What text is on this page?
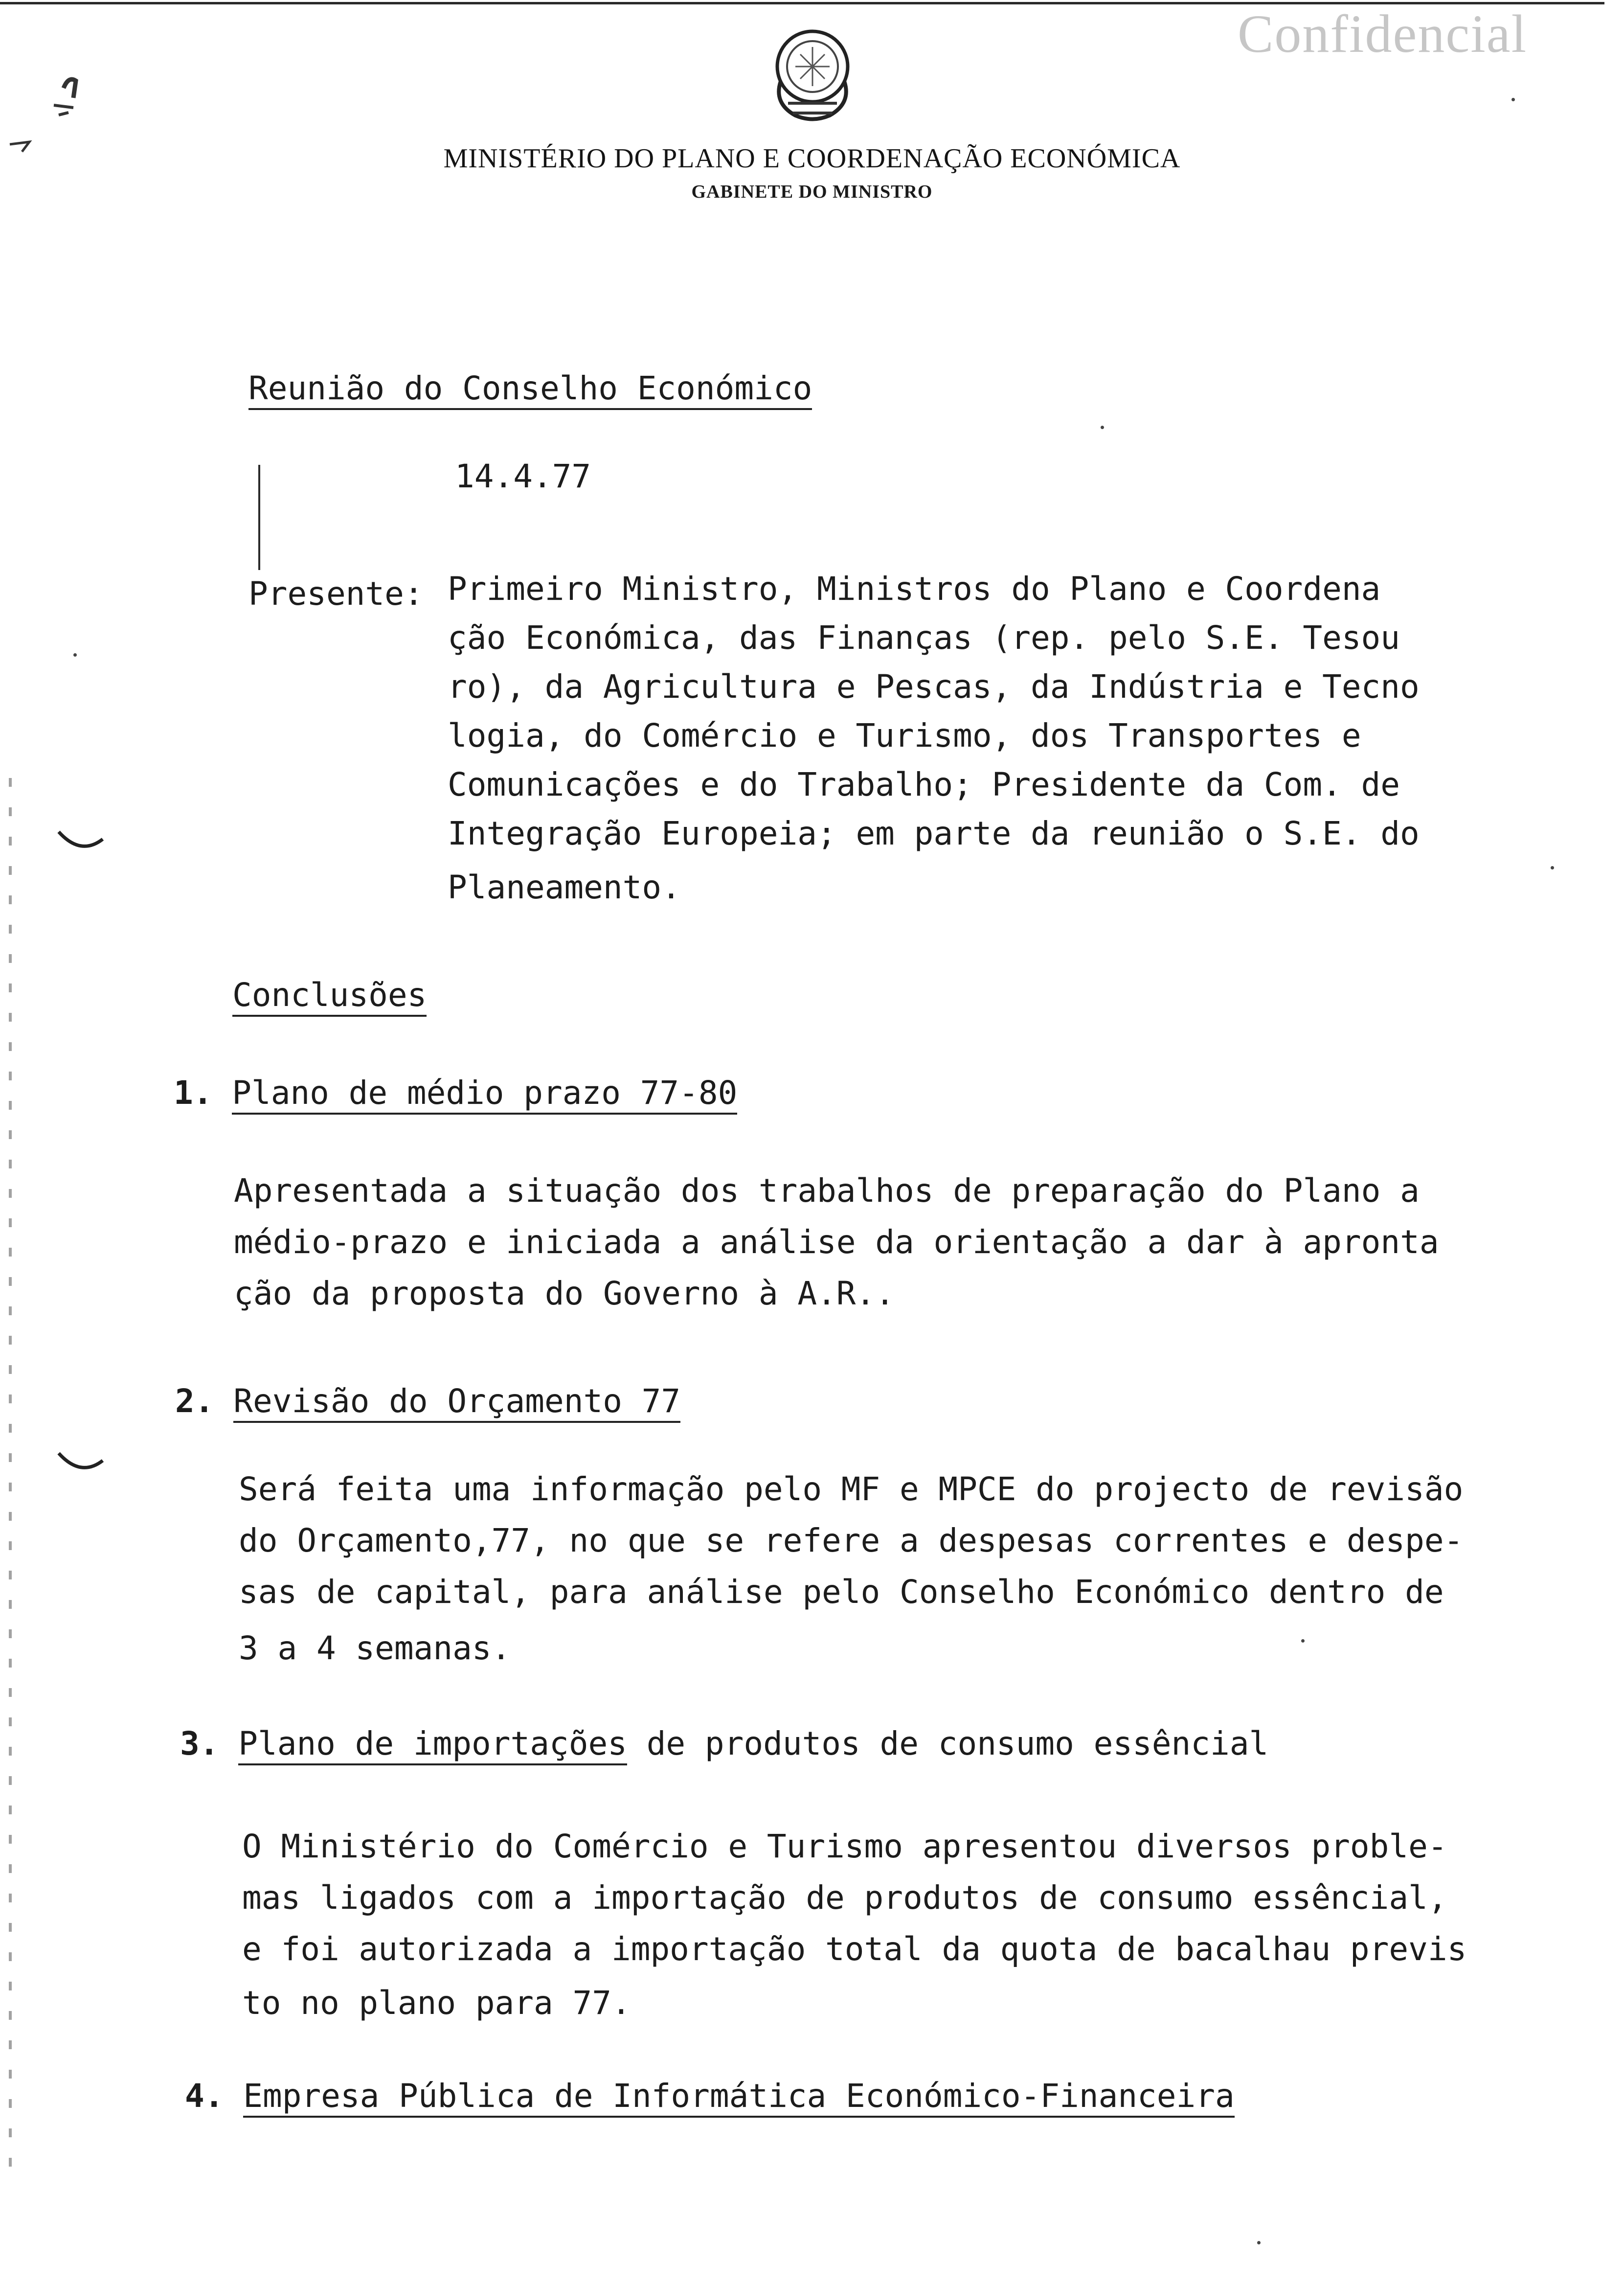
Confidencial
MINISTÉRIO DO PLANO E COORDENAÇÃO ECONÓMICA
GABINETE DO MINISTRO
Reunião do Conselho Económico
14.4.77
Presente: Primeiro Ministro, Ministros do Plano e Coordena
ção Económica, das Finanças (rep. pelo S.E. Tesou
ro), da Agricultura e Pescas, da Indústria e Tecno
logia, do Comércio e Turismo, dos Transportes e
Comunicações e do Trabalho; Presidente da Com. de
Integração Europeia; em parte da reunião o S.E. do
Planeamento.
Conclusões
1. Plano de médio prazo 77-80
Apresentada a situação dos trabalhos de preparação do Plano a
médio-prazo e iniciada a análise da orientação a dar à apronta
ção da proposta do Governo à A.R..
2. Revisão do Orçamento 77
Será feita uma informação pelo MF e MPCE do projecto de revisão
do Orçamento,77, no que se refere a despesas correntes e despe-
sas de capital, para análise pelo Conselho Económico dentro de
3 a 4 semanas.
3. Plano de importações de produtos de consumo essêncial
O Ministério do Comércio e Turismo apresentou diversos proble-
mas ligados com a importação de produtos de consumo essêncial,
e foi autorizada a importação total da quota de bacalhau previs
to no plano para 77.
4. Empresa Pública de Informática Económico-Financeira
